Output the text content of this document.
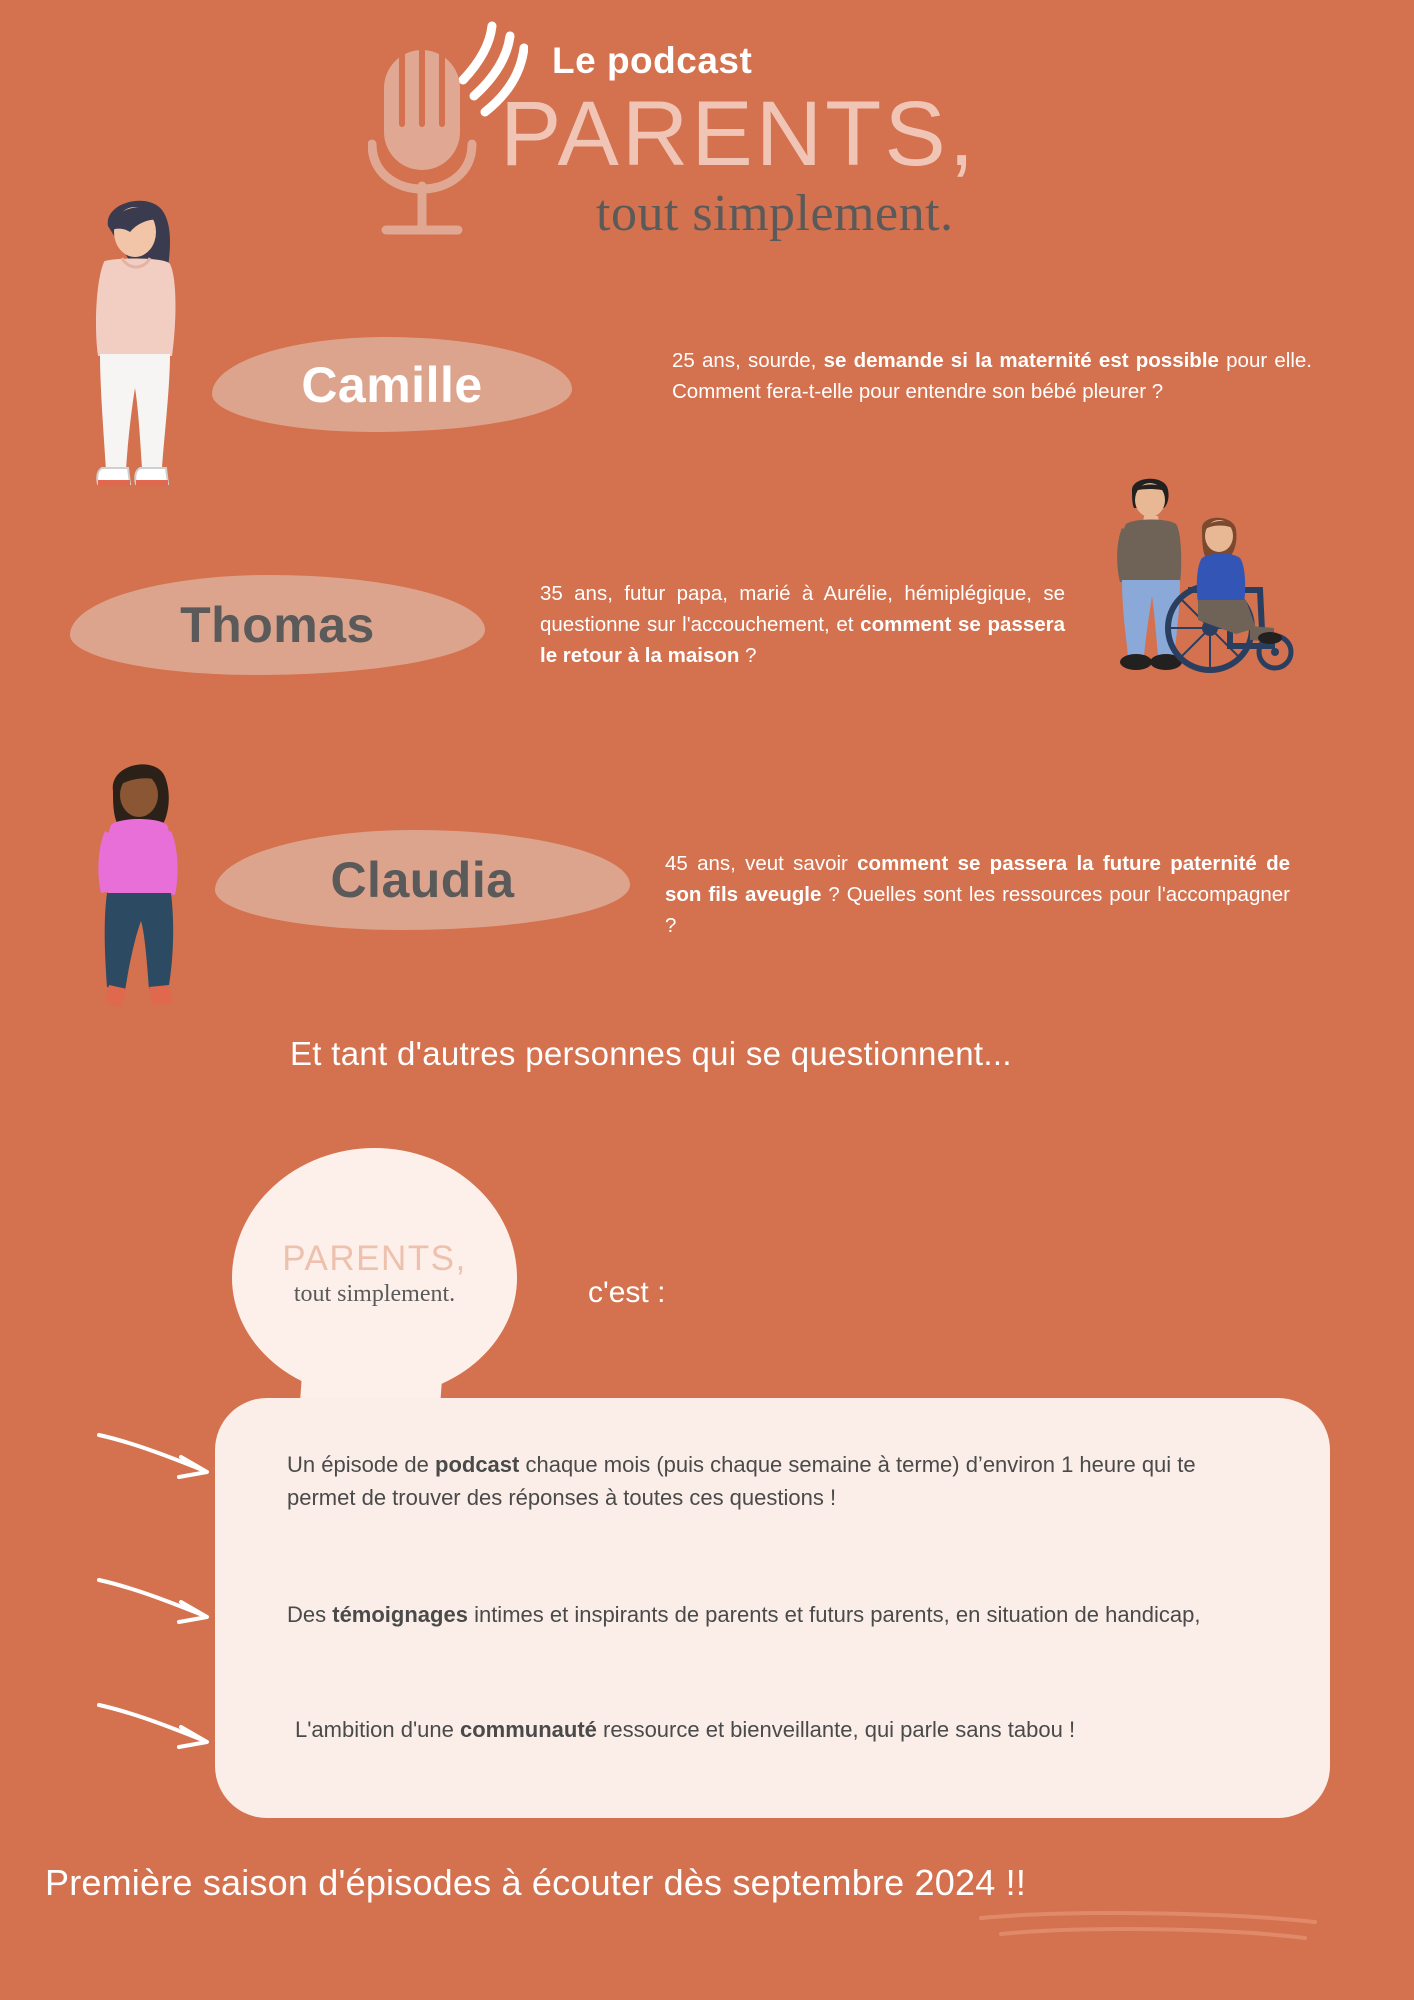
Le podcast
PARENTS,
tout simplement.
Camille	25 ans, sourde, se demande si la maternité est possible pour elle. Comment fera-t-elle pour entendre son bébé pleurer ?
Thomas
35 ans, futur papa, marié à Aurélie, hémiplégique, se questionne sur l'accouchement, et comment se passera le retour à la maison ?
Claudia	45 ans, veut savoir comment se passera la future paternité de son fils aveugle ? Quelles sont les ressources pour l'accompagner ?
Et tant d'autres personnes qui se questionnent...
PARENTS,
tout simplement.	c'est :
Un épisode de podcast chaque mois (puis chaque semaine à terme) d’environ 1 heure qui te permet de trouver des réponses à toutes ces questions !
Des témoignages intimes et inspirants de parents et futurs parents, en situation de handicap,
L'ambition d'une communauté ressource et bienveillante, qui parle sans tabou !
Première saison d'épisodes à écouter dès septembre 2024 !!
